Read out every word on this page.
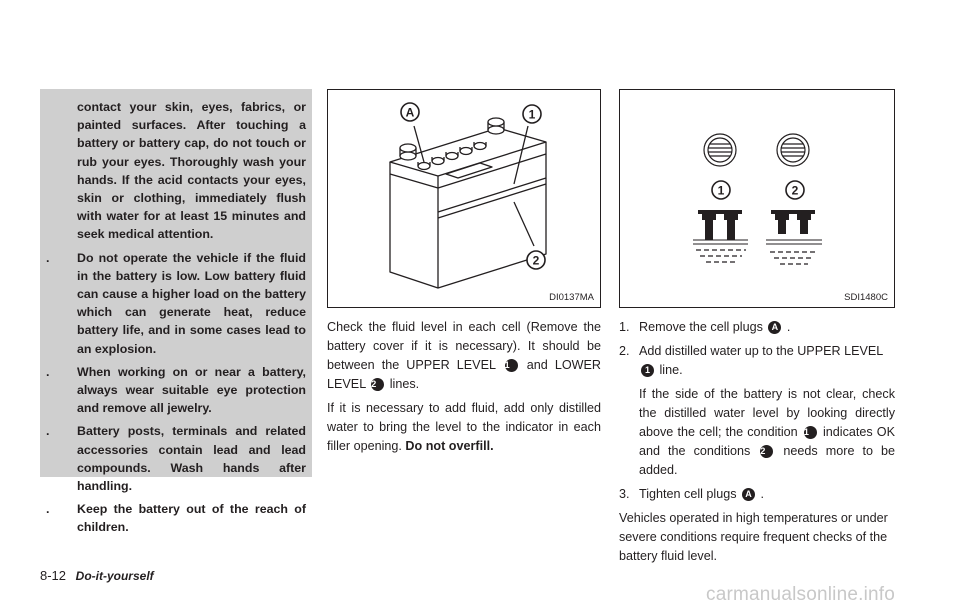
contact your skin, eyes, fabrics, or painted surfaces. After touching a battery or battery cap, do not touch or rub your eyes. Thoroughly wash your hands. If the acid contacts your eyes, skin or clothing, immediately flush with water for at least 15 minutes and seek medical attention.
.	Do not operate the vehicle if the fluid in the battery is low. Low battery fluid can cause a higher load on the battery which can generate heat, reduce battery life, and in some cases lead to an explosion.
.	When working on or near a battery, always wear suitable eye protection and remove all jewelry.
.	Battery posts, terminals and related accessories contain lead and lead compounds. Wash hands after handling.
.	Keep the battery out of the reach of children.
A	1
2
DI0137MA
1	2
SDI1480C

Check the fluid level in each cell (Remove the battery cover if it is necessary). It should be between the UPPER LEVEL 1 and LOWER LEVEL 2 lines.

If it is necessary to add fluid, add only distilled water to bring the level to the indicator in each filler opening. Do not overfill.

1. Remove the cell plugs A .
2. Add distilled water up to the UPPER LEVEL
1 line.

If the side of the battery is not clear, check the distilled water level by looking directly above the cell; the condition 1 indicates OK and the conditions 2 needs more to be added.

3. Tighten cell plugs A .

Vehicles operated in high temperatures or under severe conditions require frequent checks of the battery fluid level.

8-12 Do-it-yourself
carmanualsonline.info
